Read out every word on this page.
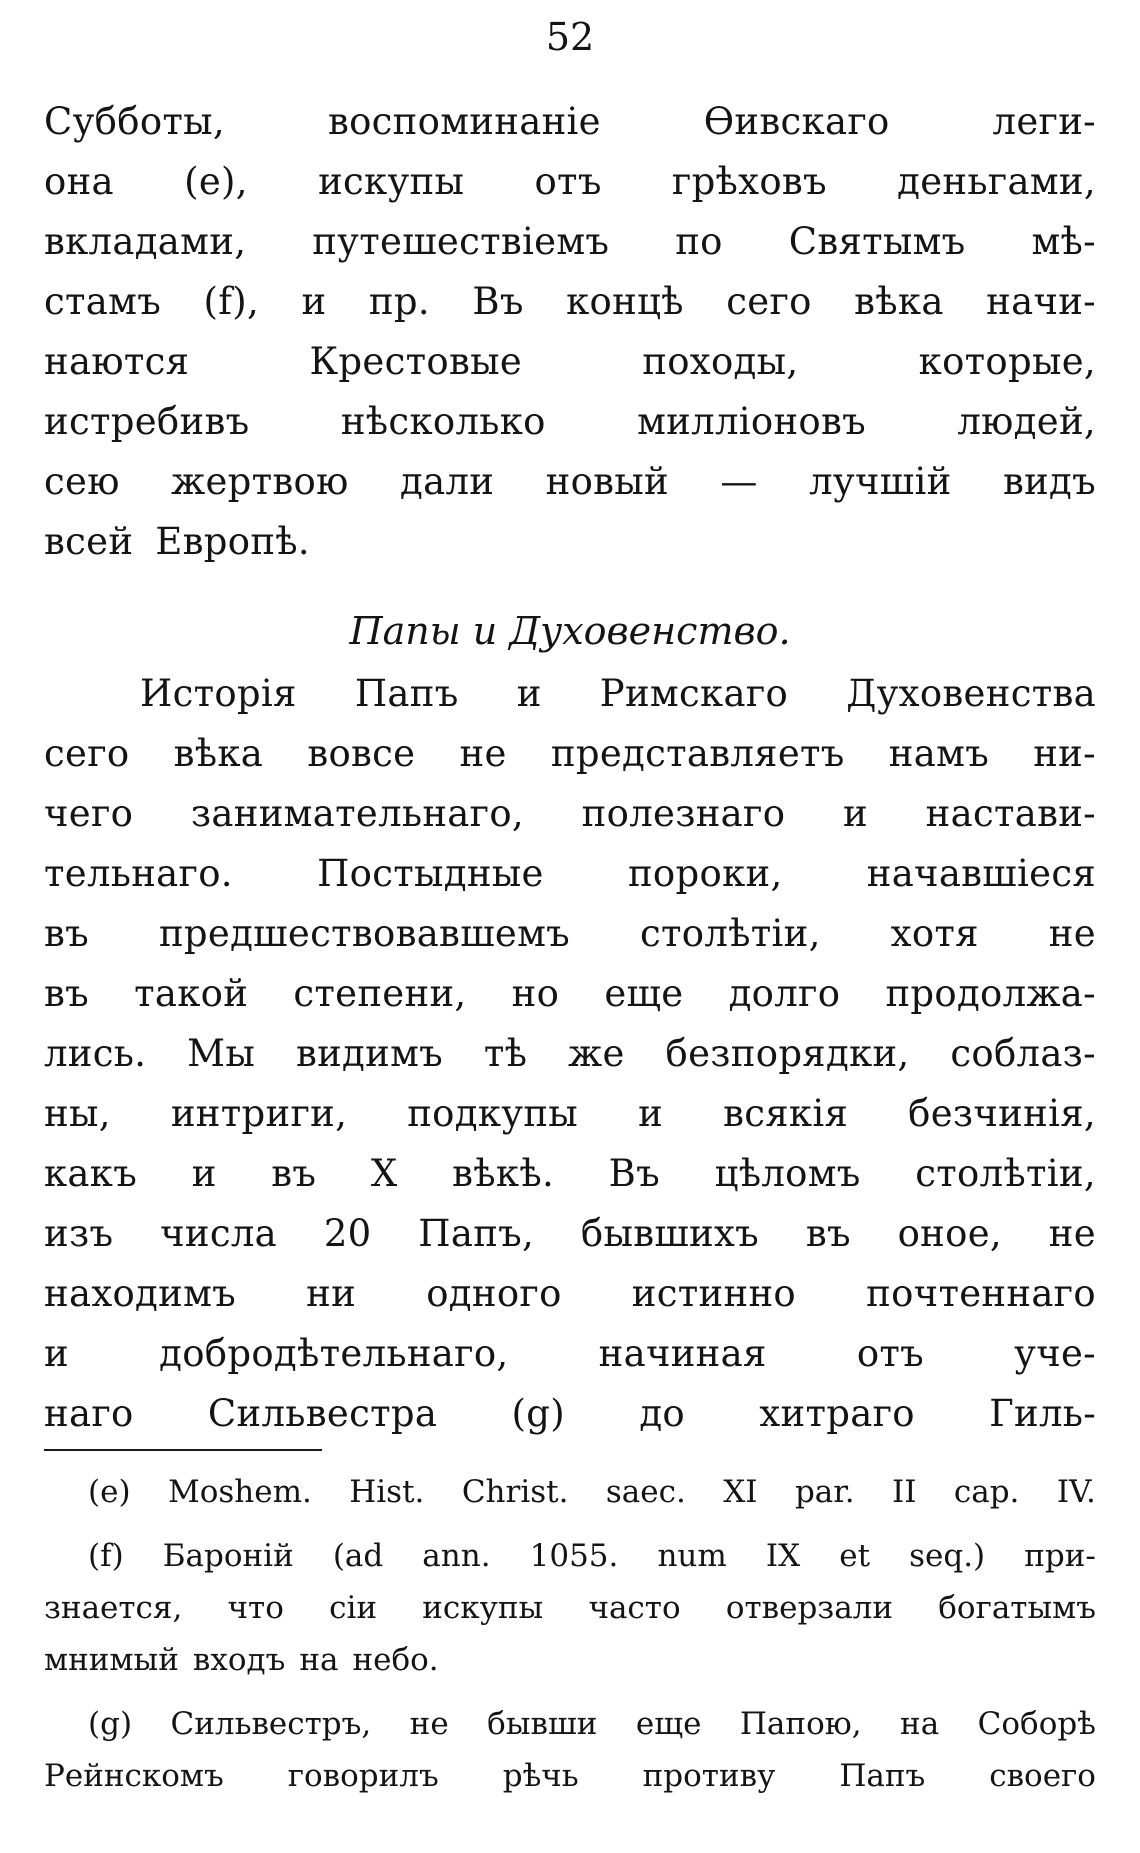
52
Субботы,	воспоминаніе	Ѳивскаго	леги-
она (е), искупы отъ грѣховъ деньгами,
вкладами, путешествіемъ по Святымъ мѣ-
стамъ (f), и пр. Въ концѣ сего вѣка начи-
наются	Крестовые	походы,	которые,
истребивъ нѣсколько милліоновъ людей,
сею жертвою дали новый — лучшій видъ
всей Европѣ.
Папы и Духовенство.
Исторія Папъ и Римскаго Духовенства
сего вѣка вовсе не представляетъ намъ ни-
чего занимательнаго, полезнаго и настави-
тельнаго. Постыдные пороки, начавшіеся
въ предшествовавшемъ столѣтіи, хотя не
въ такой степени, но еще долго продолжа-
лись. Мы видимъ тѣ же безпорядки, соблаз-
ны, интриги, подкупы и всякія безчинія,
какъ и въ X вѣкѣ. Въ цѣломъ столѣтіи,
изъ числа 20 Папъ, бывшихъ въ оное, не
находимъ ни одного истинно почтеннаго
и добродѣтельнаго, начиная отъ уче-
наго Сильвестра (g) до хитраго Гиль-
(е) Moshem. Hist. Christ. saec. XI par. II cap. IV.
(f) Бароній (ad ann. 1055. num IX et seq.) при-
знается, что сіи искупы часто отверзали богатымъ
мнимый входъ на небо.
(g) Сильвестръ, не бывши еще Папою, на Соборѣ
Рейнскомъ говорилъ рѣчь противу Папъ своего
